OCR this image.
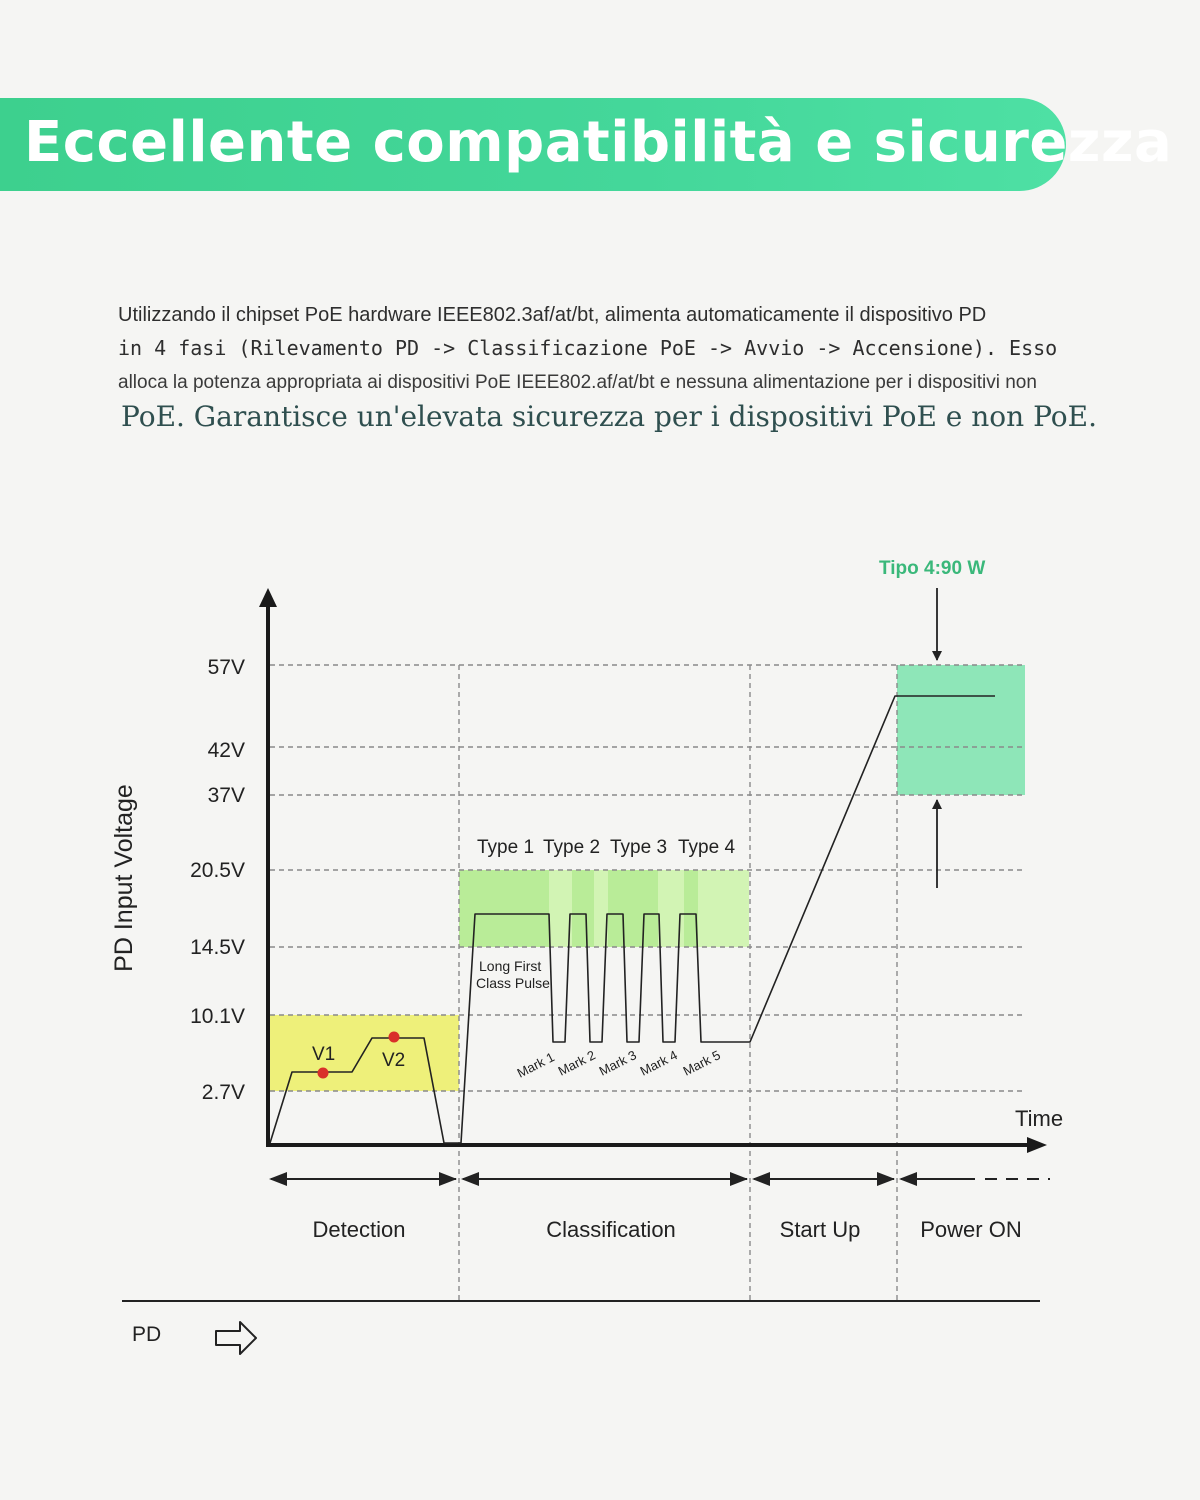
Eccellente compatibilità e sicurezza

Utilizzando il chipset PoE hardware IEEE802.3af/at/bt, alimenta automaticamente il dispositivo PD

in 4 fasi (Rilevamento PD -> Classificazione PoE -> Avvio -> Accensione). Esso

alloca la potenza appropriata ai dispositivi PoE IEEE802.af/at/bt e nessuna alimentazione per i dispositivi non

PoE. Garantisce un'elevata sicurezza per i dispositivi PoE e non PoE.

PD Input Voltage
57V
42V
37V
20.5V
14.5V
10.1V
2.7V
V1 V2
Type 1 Type 2 Type 3 Type 4
Long First
Class Pulse
Mark 1
Mark 2
Mark 3
Mark 4 Mark 5
Tipo 4:90 W
Time
Detection	Classification	Start Up	Power ON
PD
